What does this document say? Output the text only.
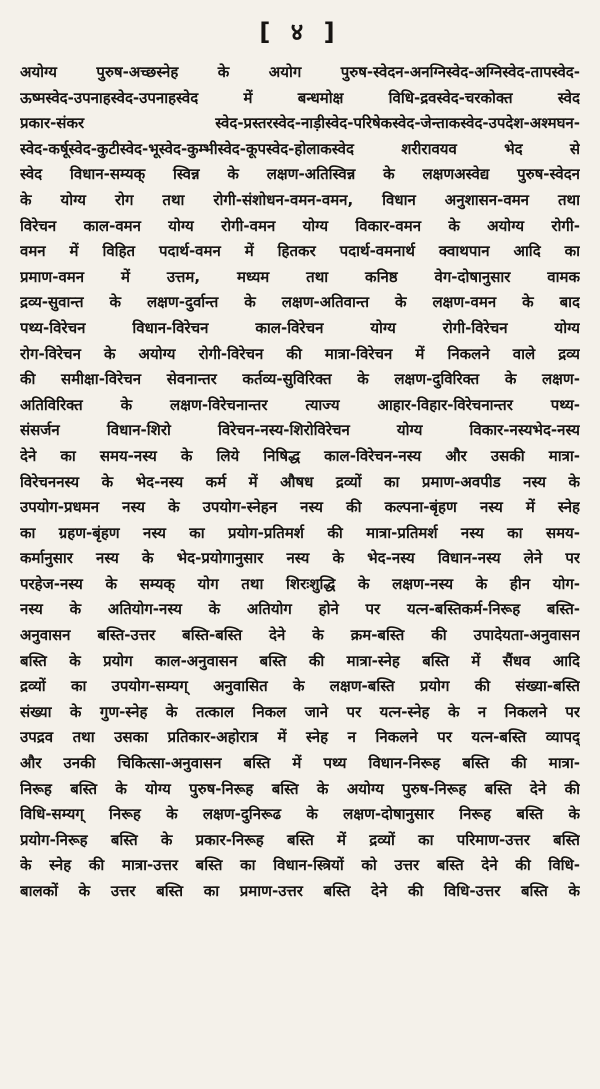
[ ४ ]
अयोग्य पुरुष-अच्छस्नेह के अयोग पुरुष-स्वेदन-अनग्निस्वेद-अग्निस्वेद-तापस्वेद-
ऊष्मस्वेद-उपनाहस्वेद-उपनाहस्वेद में बन्धमोक्ष विधि-द्रवस्वेद-चरकोक्त स्वेद
प्रकार-संकर स्वेद-प्रस्तरस्वेद-नाड़ीस्वेद-परिषेकस्वेद-जेन्ताकस्वेद-उपदेश-अश्मघन-
स्वेद-कर्षूस्वेद-कुटीस्वेद-भूस्वेद-कुम्भीस्वेद-कूपस्वेद-होलाकस्वेद शरीरावयव भेद से
स्वेद विधान-सम्यक् स्विन्न के लक्षण-अतिस्विन्न के लक्षणअस्वेद्य पुरुष-स्वेदन
के योग्य रोग तथा रोगी-संशोधन-वमन-वमन, विधान अनुशासन-वमन तथा
विरेचन काल-वमन योग्य रोगी-वमन योग्य विकार-वमन के अयोग्य रोगी-
वमन में विहित पदार्थ-वमन में हितकर पदार्थ-वमनार्थ क्वाथपान आदि का
प्रमाण-वमन में उत्तम, मध्यम तथा कनिष्ठ वेग-दोषानुसार वामक
द्रव्य-सुवान्त के लक्षण-दुर्वान्त के लक्षण-अतिवान्त के लक्षण-वमन के बाद
पथ्य-विरेचन विधान-विरेचन काल-विरेचन योग्य रोगी-विरेचन योग्य
रोग-विरेचन के अयोग्य रोगी-विरेचन की मात्रा-विरेचन में निकलने वाले द्रव्य
की समीक्षा-विरेचन सेवनान्तर कर्तव्य-सुविरिक्त के लक्षण-दुविरिक्त के लक्षण-
अतिविरिक्त के लक्षण-विरेचनान्तर त्याज्य आहार-विहार-विरेचनान्तर पथ्य-
संसर्जन विधान-शिरो विरेचन-नस्य-शिरोविरेचन योग्य विकार-नस्यभेद-नस्य
देने का समय-नस्य के लिये निषिद्ध काल-विरेचन-नस्य और उसकी मात्रा-
विरेचननस्य के भेद-नस्य कर्म में औषध द्रव्यों का प्रमाण-अवपीड नस्य के
उपयोग-प्रधमन नस्य के उपयोग-स्नेहन नस्य की कल्पना-बृंहण नस्य में स्नेह
का ग्रहण-बृंहण नस्य का प्रयोग-प्रतिमर्श की मात्रा-प्रतिमर्श नस्य का समय-
कर्मानुसार नस्य के भेद-प्रयोगानुसार नस्य के भेद-नस्य विधान-नस्य लेने पर
परहेज-नस्य के सम्यक् योग तथा शिरःशुद्धि के लक्षण-नस्य के हीन योग-
नस्य के अतियोग-नस्य के अतियोग होने पर यत्न-बस्तिकर्म-निरूह बस्ति-
अनुवासन बस्ति-उत्तर बस्ति-बस्ति देने के क्रम-बस्ति की उपादेयता-अनुवासन
बस्ति के प्रयोग काल-अनुवासन बस्ति की मात्रा-स्नेह बस्ति में सैंधव आदि
द्रव्यों का उपयोग-सम्यग् अनुवासित के लक्षण-बस्ति प्रयोग की संख्या-बस्ति
संख्या के गुण-स्नेह के तत्काल निकल जाने पर यत्न-स्नेह के न निकलने पर
उपद्रव तथा उसका प्रतिकार-अहोरात्र में स्नेह न निकलने पर यत्न-बस्ति व्यापद्
और उनकी चिकित्सा-अनुवासन बस्ति में पथ्य विधान-निरूह बस्ति की मात्रा-
निरूह बस्ति के योग्य पुरुष-निरूह बस्ति के अयोग्य पुरुष-निरूह बस्ति देने की
विधि-सम्यग् निरूह के लक्षण-दुनिरूढ के लक्षण-दोषानुसार निरूह बस्ति के
प्रयोग-निरूह बस्ति के प्रकार-निरूह बस्ति में द्रव्यों का परिमाण-उत्तर बस्ति
के स्नेह की मात्रा-उत्तर बस्ति का विधान-स्त्रियों को उत्तर बस्ति देने की विधि-
बालकों के उत्तर बस्ति का प्रमाण-उत्तर बस्ति देने की विधि-उत्तर बस्ति के
